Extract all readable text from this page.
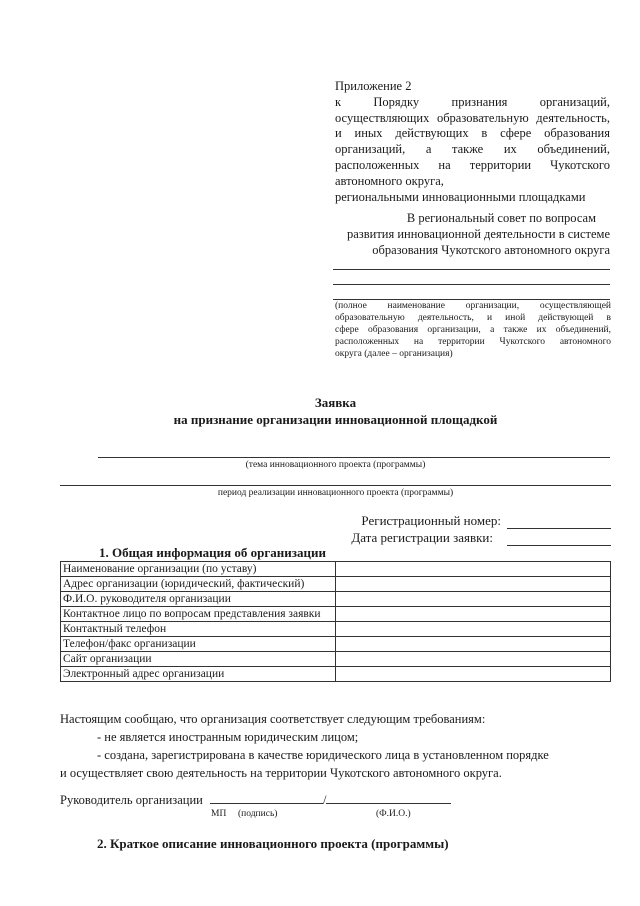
Приложение 2
к Порядку признания организаций,
осуществляющих образовательную деятельность,
и иных действующих в сфере образования
организаций, а также их объединений,
расположенных на территории Чукотского
автономного округа,
региональными инновационными площадками
В региональный совет по вопросам
развития инновационной деятельности в системе
образования Чукотского автономного округа
(полное наименование организации, осуществляющей
образовательную деятельность, и иной действующей в
сфере образования организации, а также их объединений,
расположенных на территории Чукотского автономного
округа (далее – организация)
Заявка
на признание организации инновационной площадкой
(тема инновационного проекта (программы)
период реализации инновационного проекта (программы)
Регистрационный номер:
Дата регистрации заявки:
1. Общая информация об организации
Наименование организации (по уставу)	
Адрес организации (юридический, фактический)	
Ф.И.О. руководителя организации	
Контактное лицо по вопросам представления заявки	
Контактный телефон	
Телефон/факс организации	
Сайт организации	
Электронный адрес организации	
Настоящим сообщаю, что организация соответствует следующим требованиям:
- не является иностранным юридическим лицом;
- создана, зарегистрирована в качестве юридического лица в установленном порядке
и осуществляет свою деятельность на территории Чукотского автономного округа.
Руководитель организации	/
МП (подпись)	(Ф.И.О.)
2. Краткое описание инновационного проекта (программы)
